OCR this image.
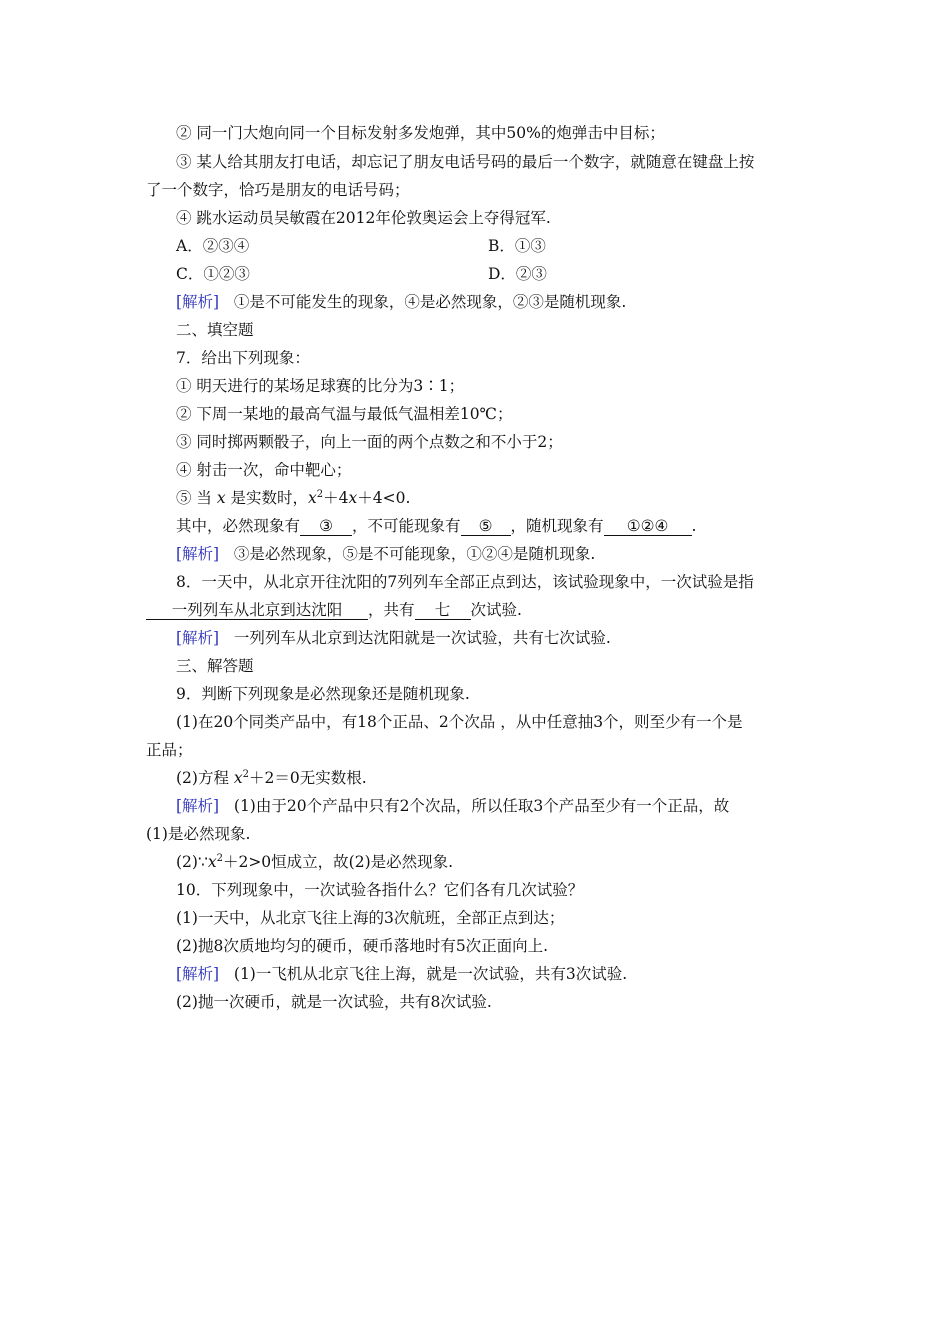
② 同一门大炮向同一个目标发射多发炮弹，其中50%的炮弹击中目标；
③ 某人给其朋友打电话，却忘记了朋友电话号码的最后一个数字，就随意在键盘上按
了一个数字，恰巧是朋友的电话号码；
④ 跳水运动员吴敏霞在2012年伦敦奥运会上夺得冠军.
A．②③④	B．①③
C．①②③	D．②③
[解析] ①是不可能发生的现象，④是必然现象，②③是随机现象.
二、填空题
7．给出下列现象：
① 明天进行的某场足球赛的比分为3∶1；
② 下周一某地的最高气温与最低气温相差10℃；
③ 同时掷两颗骰子，向上一面的两个点数之和不小于2；
④ 射击一次，命中靶心；
⑤ 当 x 是实数时，$x^2+4x+4<0$.
其中，必然现象有 ③ ，不可能现象有 ⑤ ，随机现象有 ①②④ .
[解析] ③是必然现象，⑤是不可能现象，①②④是随机现象.
8．一天中，从北京开往沈阳的7列列车全部正点到达，该试验现象中，一次试验是指
一列列车从北京到达沈阳 ，共有 七 次试验.
[解析] 一列列车从北京到达沈阳就是一次试验，共有七次试验.
三、解答题
9．判断下列现象是必然现象还是随机现象.
(1)在20个同类产品中，有18个正品、2个次品 ，从中任意抽3个，则至少有一个是
正品；
(2)方程 $x^2+2=0$无实数根.
[解析] (1)由于20个产品中只有2个次品，所以任取3个产品至少有一个正品，故
(1)是必然现象.
$(2)\because x^2+2>0$恒成立，故(2)是必然现象.
10．下列现象中，一次试验各指什么？它们各有几次试验？
(1)一天中，从北京飞往上海的3次航班，全部正点到达；
(2)抛8次质地均匀的硬币，硬币落地时有5次正面向上.
[解析] (1)一飞机从北京飞往上海，就是一次试验，共有3次试验.
(2)抛一次硬币，就是一次试验，共有8次试验.
